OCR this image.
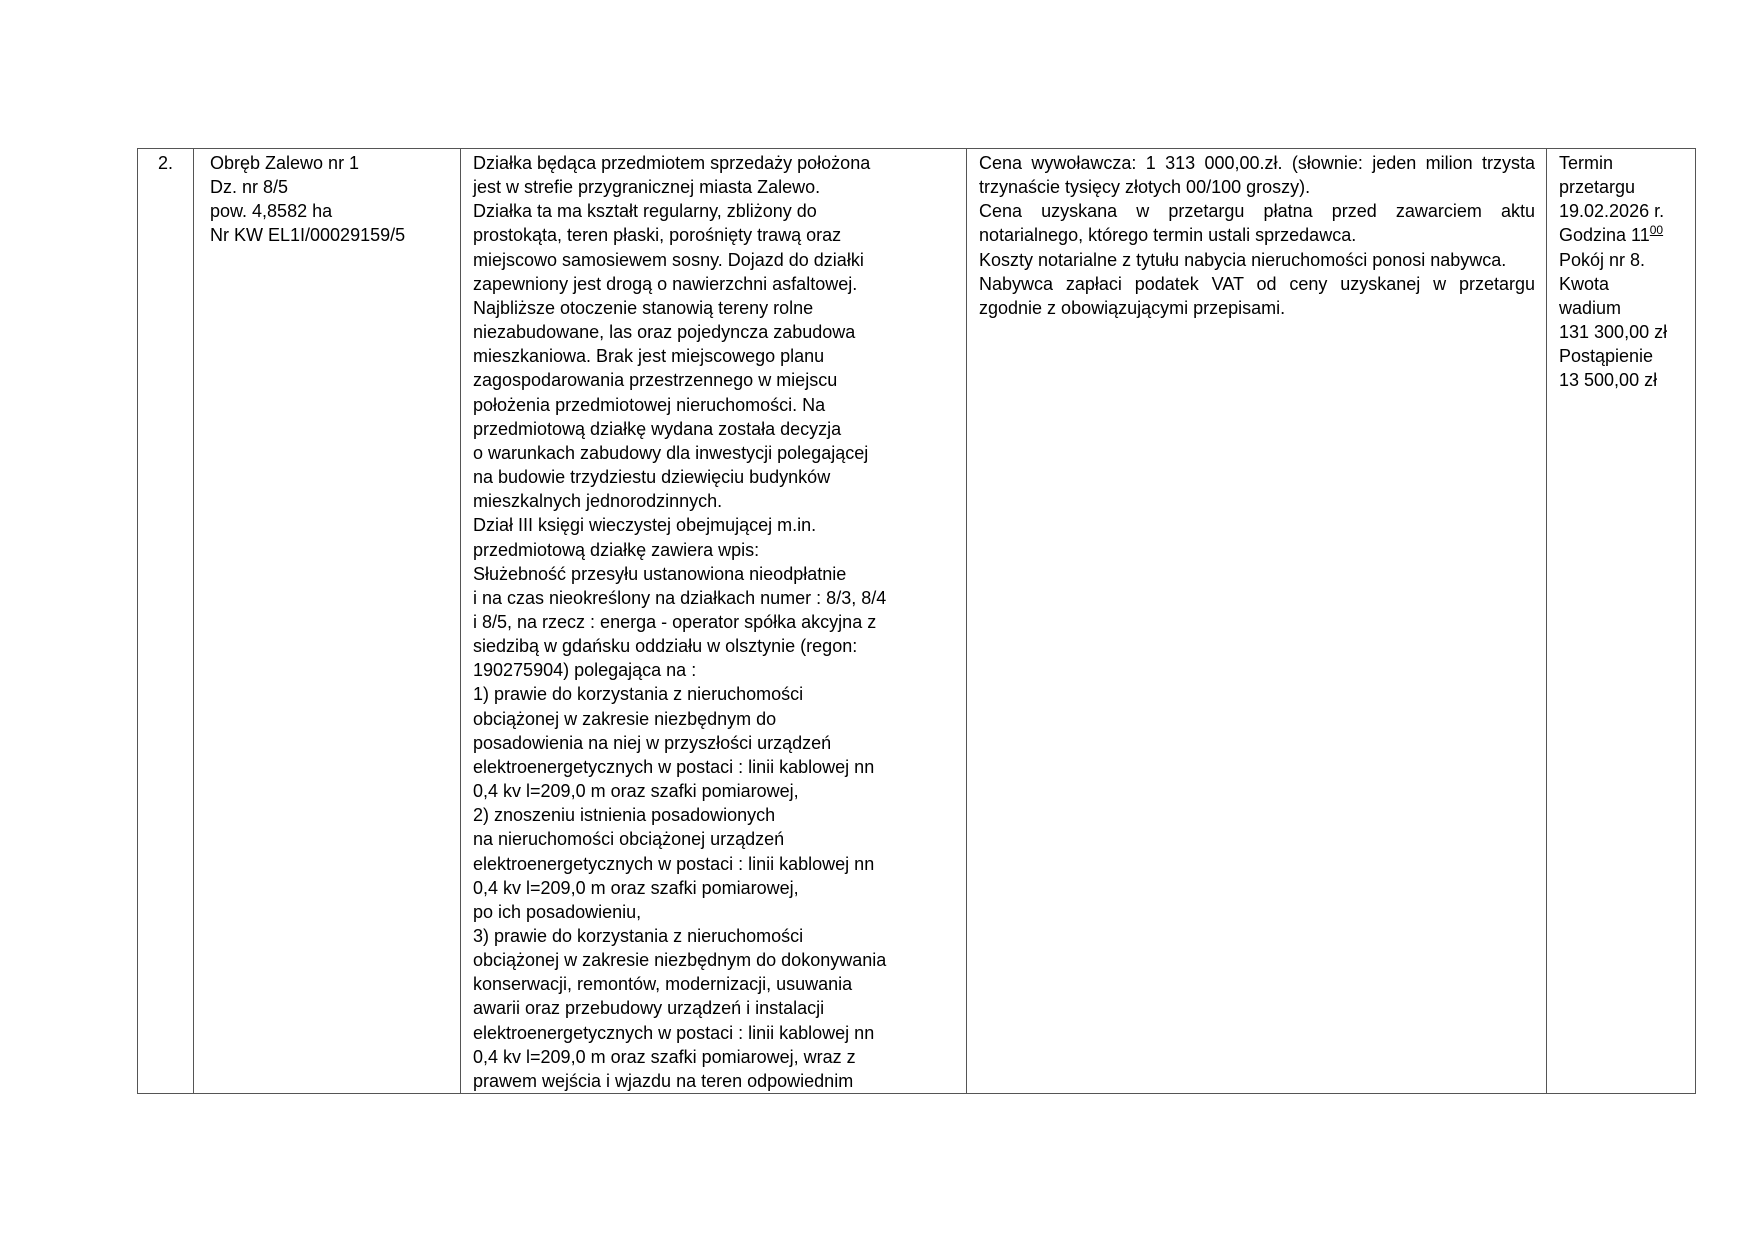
2.	Obręb Zalewo nr 1
Dz. nr 8/5
pow. 4,8582 ha
Nr KW EL1I/00029159/5

Działka będąca przedmiotem sprzedaży położona
jest w strefie przygranicznej miasta Zalewo.
Działka ta ma kształt regularny, zbliżony do
prostokąta, teren płaski, porośnięty trawą oraz
miejscowo samosiewem sosny. Dojazd do działki
zapewniony jest drogą o nawierzchni asfaltowej.
Najbliższe otoczenie stanowią tereny rolne
niezabudowane, las oraz pojedyncza zabudowa
mieszkaniowa. Brak jest miejscowego planu
zagospodarowania przestrzennego w miejscu
położenia przedmiotowej nieruchomości. Na
przedmiotową działkę wydana została decyzja
o warunkach zabudowy dla inwestycji polegającej
na budowie trzydziestu dziewięciu budynków
mieszkalnych jednorodzinnych.
Dział III księgi wieczystej obejmującej m.in.
przedmiotową działkę zawiera wpis:
Służebność przesyłu ustanowiona nieodpłatnie
i na czas nieokreślony na działkach numer : 8/3, 8/4
i 8/5, na rzecz : energa - operator spółka akcyjna z
siedzibą w gdańsku oddziału w olsztynie (regon:
190275904) polegająca na :
1) prawie do korzystania z nieruchomości
obciążonej w zakresie niezbędnym do
posadowienia na niej w przyszłości urządzeń
elektroenergetycznych w postaci : linii kablowej nn
0,4 kv l=209,0 m oraz szafki pomiarowej,
2) znoszeniu istnienia posadowionych
na nieruchomości obciążonej urządzeń
elektroenergetycznych w postaci : linii kablowej nn
0,4 kv l=209,0 m oraz szafki pomiarowej,
po ich posadowieniu,
3) prawie do korzystania z nieruchomości
obciążonej w zakresie niezbędnym do dokonywania
konserwacji, remontów, modernizacji, usuwania
awarii oraz przebudowy urządzeń i instalacji
elektroenergetycznych w postaci : linii kablowej nn
0,4 kv l=209,0 m oraz szafki pomiarowej, wraz z
prawem wejścia i wjazdu na teren odpowiednim

Cena wywoławcza: 1 313 000,00.zł. (słownie: jeden milion trzysta trzynaście tysięcy złotych 00/100 groszy).
Cena uzyskana w przetargu płatna przed zawarciem aktu notarialnego, którego termin ustali sprzedawca.
Koszty notarialne z tytułu nabycia nieruchomości ponosi nabywca.
Nabywca zapłaci podatek VAT od ceny uzyskanej w przetargu zgodnie z obowiązującymi przepisami.

Termin
przetargu
19.02.2026 r.
Godzina $11^{00}$
Pokój nr 8.
Kwota
wadium
131 300,00 zł
Postąpienie
13 500,00 zł
